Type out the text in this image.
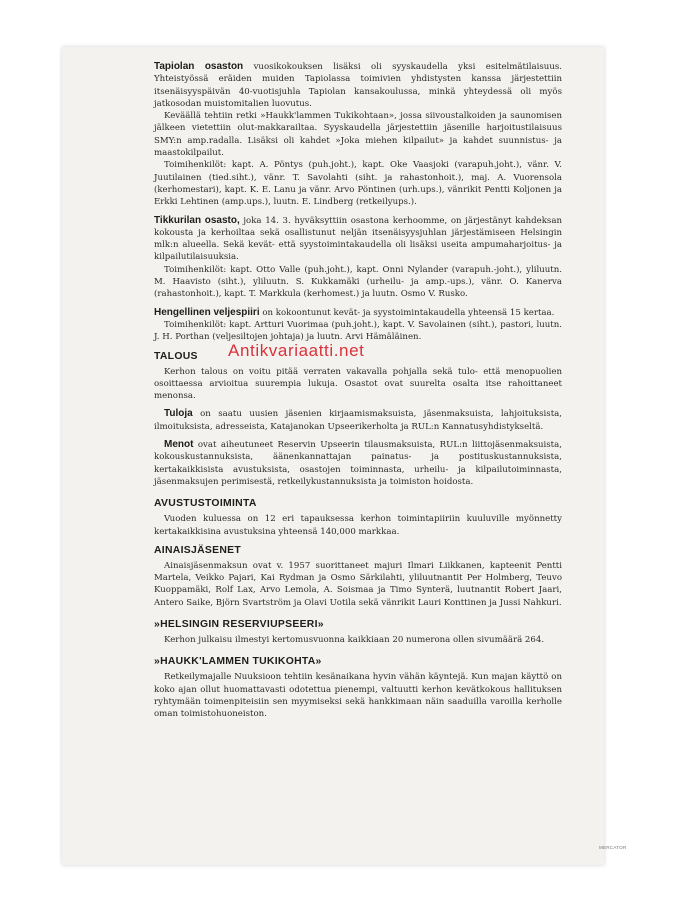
Tapiolan osaston vuosikokouksen lisäksi oli syyskaudella yksi esitelmätilaisuus. Yhteistyössä eräiden muiden Tapiolassa toimivien yhdistysten kanssa järjestettiin itsenäisyyspäivän 40-vuotisjuhla Tapiolan kansakoulussa, minkä yhteydessä oli myös jatkosodan muistomitalien luovutus.

Keväällä tehtiin retki »Haukk'lammen Tukikohtaan», jossa siivoustalkoiden ja saunomisen jälkeen vietettiin olut-makkarailtaa. Syyskaudella järjestettiin jäsenille harjoitustilaisuus SMY:n amp.radalla. Lisäksi oli kahdet »Joka miehen kilpailut» ja kahdet suunnistus- ja maastokilpailut.

Toimihenkilöt: kapt. A. Pöntys (puh.joht.), kapt. Oke Vaasjoki (varapuh.joht.), vänr. V. Juutilainen (tied.siht.), vänr. T. Savolahti (siht. ja rahastonhoit.), maj. A. Vuorensola (kerhomestari), kapt. K. E. Lanu ja vänr. Arvo Pöntinen (urh.ups.), vänrikit Pentti Koljonen ja Erkki Lehtinen (amp.ups.), luutn. E. Lindberg (retkeilyups.).

Tikkurilan osasto, joka 14. 3. hyväksyttiin osastona kerhoomme, on järjestänyt kahdeksan kokousta ja kerhoiltaa sekä osallistunut neljän itsenäisyysjuhlan järjestämiseen Helsingin mlk:n alueella. Sekä kevät- että syystoimintakaudella oli lisäksi useita ampumaharjoitus- ja kilpailutilaisuuksia.

Toimihenkilöt: kapt. Otto Valle (puh.joht.), kapt. Onni Nylander (varapuh.-joht.), yliluutn. M. Haavisto (siht.), yliluutn. S. Kukkamäki (urheilu- ja amp.-ups.), vänr. O. Kanerva (rahastonhoit.), kapt. T. Markkula (kerhomest.) ja luutn. Osmo V. Rusko.

Hengellinen veljespiiri on kokoontunut kevät- ja syystoimintakaudella yhteensä 15 kertaa.

Toimihenkilöt: kapt. Artturi Vuorimaa (puh.joht.), kapt. V. Savolainen (siht.), pastori, luutn. J. H. Porthan (veljesiltojen johtaja) ja luutn. Arvi Hämäläinen.

TALOUS

Kerhon talous on voitu pitää verraten vakavalla pohjalla sekä tulo- että menopuolien osoittaessa arvioitua suurempia lukuja. Osastot ovat suurelta osalta itse rahoittaneet menonsa.

Tuloja on saatu uusien jäsenien kirjaamismaksuista, jäsenmaksuista, lahjoituksista, ilmoituksista, adresseista, Katajanokan Upseerikerholta ja RUL:n Kannatusyhdistykseltä.

Menot ovat aiheutuneet Reservin Upseerin tilausmaksuista, RUL:n liittojäsenmaksuista, kokouskustannuksista, äänenkannattajan painatus- ja postituskustannuksista, kertakaikkisista avustuksista, osastojen toiminnasta, urheilu- ja kilpailutoiminnasta, jäsenmaksujen perimisestä, retkeilykustannuksista ja toimiston hoidosta.

AVUSTUSTOIMINTA

Vuoden kuluessa on 12 eri tapauksessa kerhon toimintapiiriin kuuluville myönnetty kertakaikkisina avustuksina yhteensä 140,000 markkaa.

AINAISJÄSENET

Ainaisjäsenmaksun ovat v. 1957 suorittaneet majuri Ilmari Liikkanen, kapteenit Pentti Martela, Veikko Pajari, Kai Rydman ja Osmo Särkilahti, yliluutnantit Per Holmberg, Teuvo Kuoppamäki, Rolf Lax, Arvo Lemola, A. Soismaa ja Timo Synterä, luutnantit Robert Jaari, Antero Saike, Björn Svartström ja Olavi Uotila sekä vänrikit Lauri Konttinen ja Jussi Nahkuri.

»HELSINGIN RESERVIUPSEERI»

Kerhon julkaisu ilmestyi kertomusvuonna kaikkiaan 20 numerona ollen sivumäärä 264.

»HAUKK'LAMMEN TUKIKOHTA»

Retkeilymajalle Nuuksioon tehtiin kesänaikana hyvin vähän käyntejä. Kun majan käyttö on koko ajan ollut huomattavasti odotettua pienempi, valtuutti kerhon kevätkokous hallituksen ryhtymään toimenpiteisiin sen myymiseksi sekä hankkimaan näin saaduilla varoilla kerholle oman toimistohuoneiston.

MERCATOR
Antikvariaatti.net
